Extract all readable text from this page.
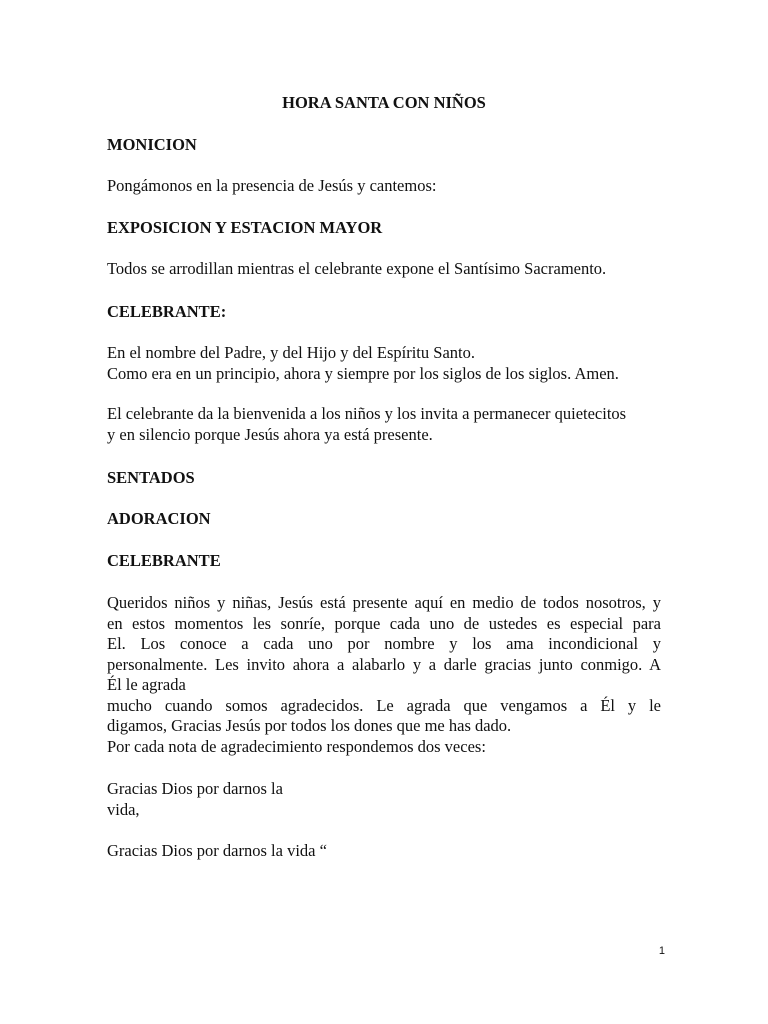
HORA SANTA CON NIÑOS
MONICION
Pongámonos en la presencia de Jesús y cantemos:
EXPOSICION Y ESTACION MAYOR
Todos se arrodillan mientras el celebrante expone el Santísimo Sacramento.
CELEBRANTE:
En el nombre del Padre, y del Hijo y del Espíritu Santo.
Como era en un principio, ahora y siempre por los siglos de los siglos. Amen.
El celebrante da la bienvenida a los niños y los invita a permanecer quietecitos
y en silencio porque Jesús ahora ya está presente.
SENTADOS
ADORACION
CELEBRANTE
Queridos niños y niñas, Jesús está presente aquí en medio de todos nosotros, y
en estos momentos les sonríe, porque cada uno de ustedes es especial para
El. Los conoce a cada uno por nombre y los ama incondicional y
personalmente. Les invito ahora a alabarlo y a darle gracias junto conmigo. A
Él le agrada
mucho cuando somos agradecidos. Le agrada que vengamos a Él y le
digamos, Gracias Jesús por todos los dones que me has dado.
Por cada nota de agradecimiento respondemos dos veces:
Gracias Dios por darnos la
vida,
Gracias Dios por darnos la vida “
1
